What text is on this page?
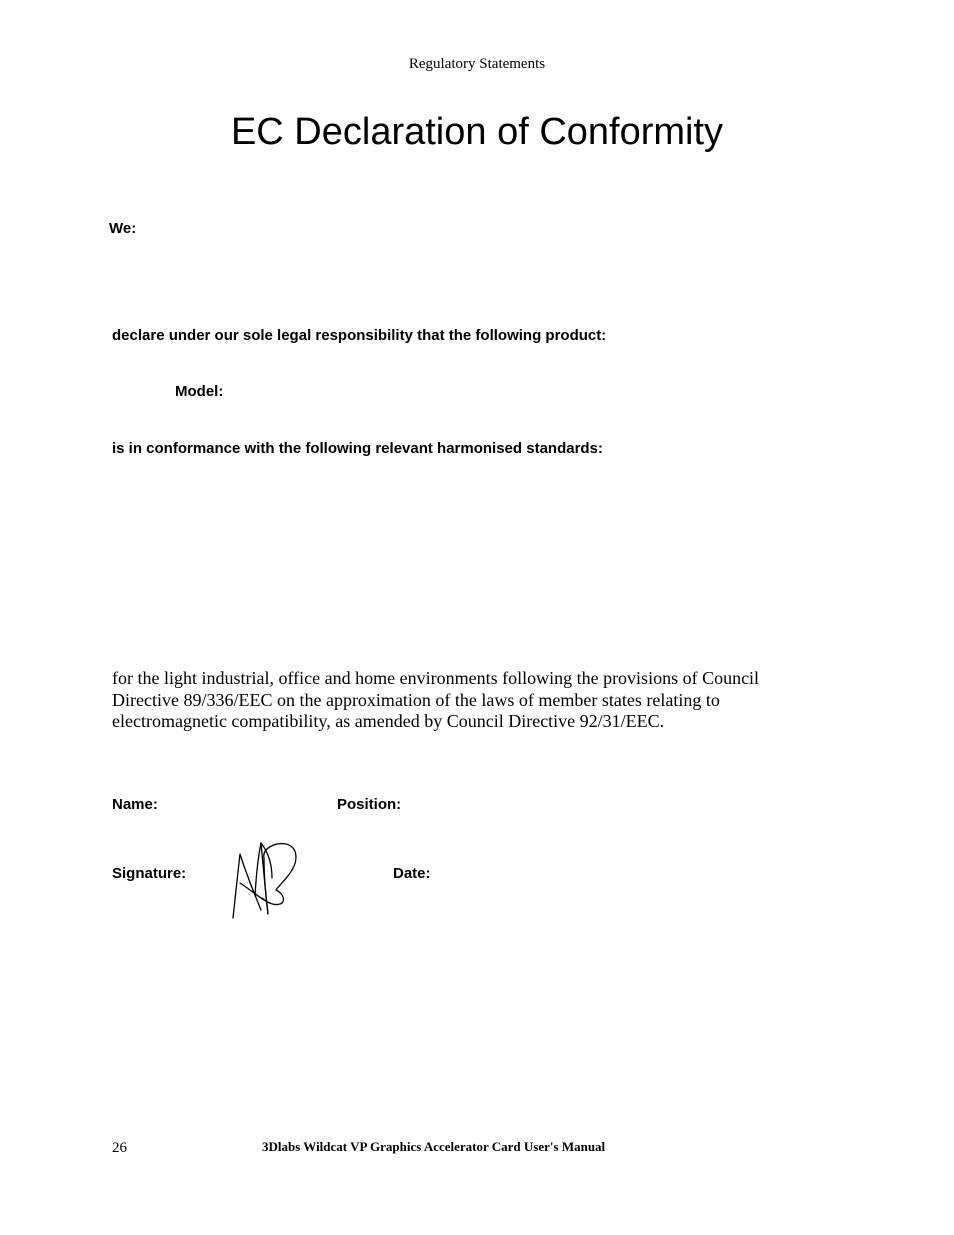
Regulatory Statements
EC Declaration of Conformity
We:
declare under our sole legal responsibility that the following product:
Model:
is in conformance with the following relevant harmonised standards:
for the light industrial, office and home environments following the provisions of Council Directive 89/336/EEC on the approximation of the laws of member states relating to electromagnetic compatibility, as amended by Council Directive 92/31/EEC.
Name:	Position:
Signature:	Date:
26	3Dlabs Wildcat VP Graphics Accelerator Card User's Manual
